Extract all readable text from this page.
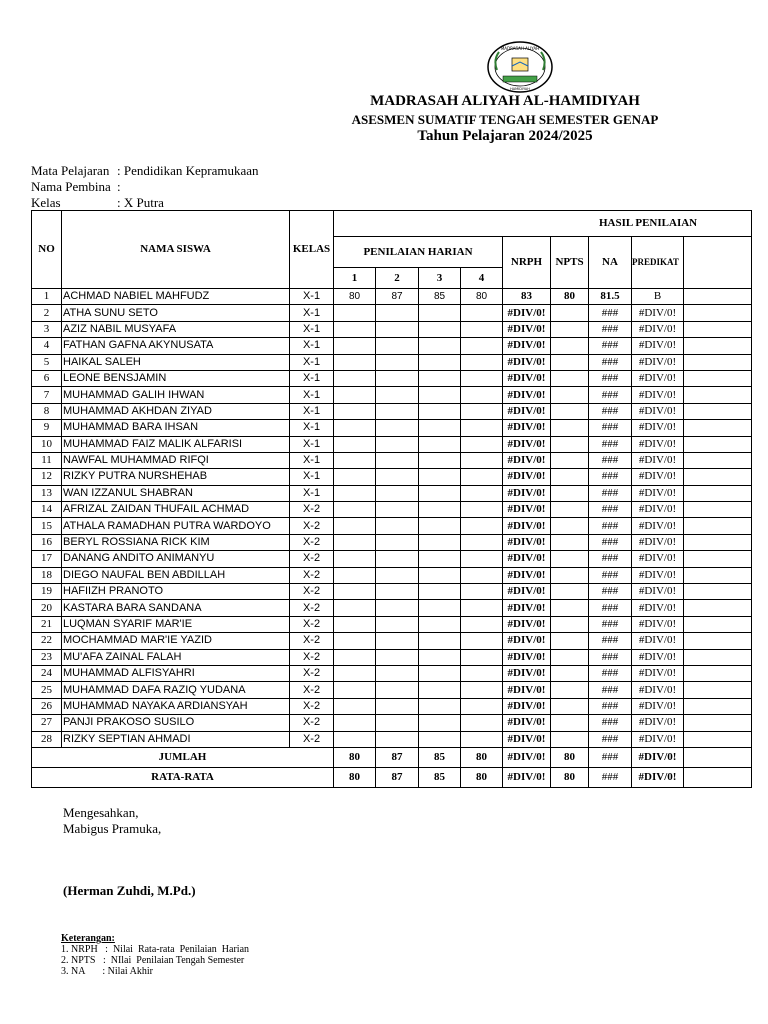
MADRASAH ALIYAH
HAMIDIYAH
MADRASAH ALIYAH AL-HAMIDIYAH
ASESMEN SUMATIF TENGAH SEMESTER GENAP
Tahun Pelajaran 2024/2025
Mata Pelajaran : Pendidikan Kepramukaan
Nama Pembina :
Kelas	: X Putra
NO	NAMA SISWA	KELAS	HASIL PENILAIAN								
			PENILAIAN HARIAN				NRPH	NPTS	NA	PREDIKAT	
			1	2	3	4					
1	ACHMAD NABIEL MAHFUDZ	X-1	80	87	85	80	83	80	81.5	B	
2	ATHA SUNU SETO	X-1					#DIV/0!		###	#DIV/0!	
3	AZIZ NABIL MUSYAFA	X-1					#DIV/0!		###	#DIV/0!	
4	FATHAN GAFNA AKYNUSATA	X-1					#DIV/0!		###	#DIV/0!	
5	HAIKAL SALEH	X-1					#DIV/0!		###	#DIV/0!	
6	LEONE BENSJAMIN	X-1					#DIV/0!		###	#DIV/0!	
7	MUHAMMAD GALIH IHWAN	X-1					#DIV/0!		###	#DIV/0!	
8	MUHAMMAD AKHDAN ZIYAD	X-1					#DIV/0!		###	#DIV/0!	
9	MUHAMMAD BARA IHSAN	X-1					#DIV/0!		###	#DIV/0!	
10	MUHAMMAD FAIZ MALIK ALFARISI	X-1					#DIV/0!		###	#DIV/0!	
11	NAWFAL MUHAMMAD RIFQI	X-1					#DIV/0!		###	#DIV/0!	
12	RIZKY PUTRA NURSHEHAB	X-1					#DIV/0!		###	#DIV/0!	
13	WAN IZZANUL SHABRAN	X-1					#DIV/0!		###	#DIV/0!	
14	AFRIZAL ZAIDAN THUFAIL ACHMAD	X-2					#DIV/0!		###	#DIV/0!	
15	ATHALA RAMADHAN PUTRA WARDOYO	X-2					#DIV/0!		###	#DIV/0!	
16	BERYL ROSSIANA RICK KIM	X-2					#DIV/0!		###	#DIV/0!	
17	DANANG ANDITO ANIMANYU	X-2					#DIV/0!		###	#DIV/0!	
18	DIEGO NAUFAL BEN ABDILLAH	X-2					#DIV/0!		###	#DIV/0!	
19	HAFIIZH PRANOTO	X-2					#DIV/0!		###	#DIV/0!	
20	KASTARA BARA SANDANA	X-2					#DIV/0!		###	#DIV/0!	
21	LUQMAN SYARIF MAR'IE	X-2					#DIV/0!		###	#DIV/0!	
22	MOCHAMMAD MAR'IE YAZID	X-2					#DIV/0!		###	#DIV/0!	
23	MU'AFA ZAINAL FALAH	X-2					#DIV/0!		###	#DIV/0!	
24	MUHAMMAD ALFISYAHRI	X-2					#DIV/0!		###	#DIV/0!	
25	MUHAMMAD DAFA RAZIQ YUDANA	X-2					#DIV/0!		###	#DIV/0!	
26	MUHAMMAD NAYAKA ARDIANSYAH	X-2					#DIV/0!		###	#DIV/0!	
27	PANJI PRAKOSO SUSILO	X-2					#DIV/0!		###	#DIV/0!	
28	RIZKY SEPTIAN AHMADI	X-2					#DIV/0!		###	#DIV/0!	
JUMLAH			80	87	85	80	#DIV/0!	80	###	#DIV/0!	
RATA-RATA			80	87	85	80	#DIV/0!	80	###	#DIV/0!	
Mengesahkan,
Mabigus Pramuka,
(Herman Zuhdi, M.Pd.)
Keterangan:
1. NRPH   :  Nilai  Rata-rata  Penilaian  Harian
2. NPTS   :  NIlai  Penilaian Tengah Semester
3. NA       : Nilai Akhir
